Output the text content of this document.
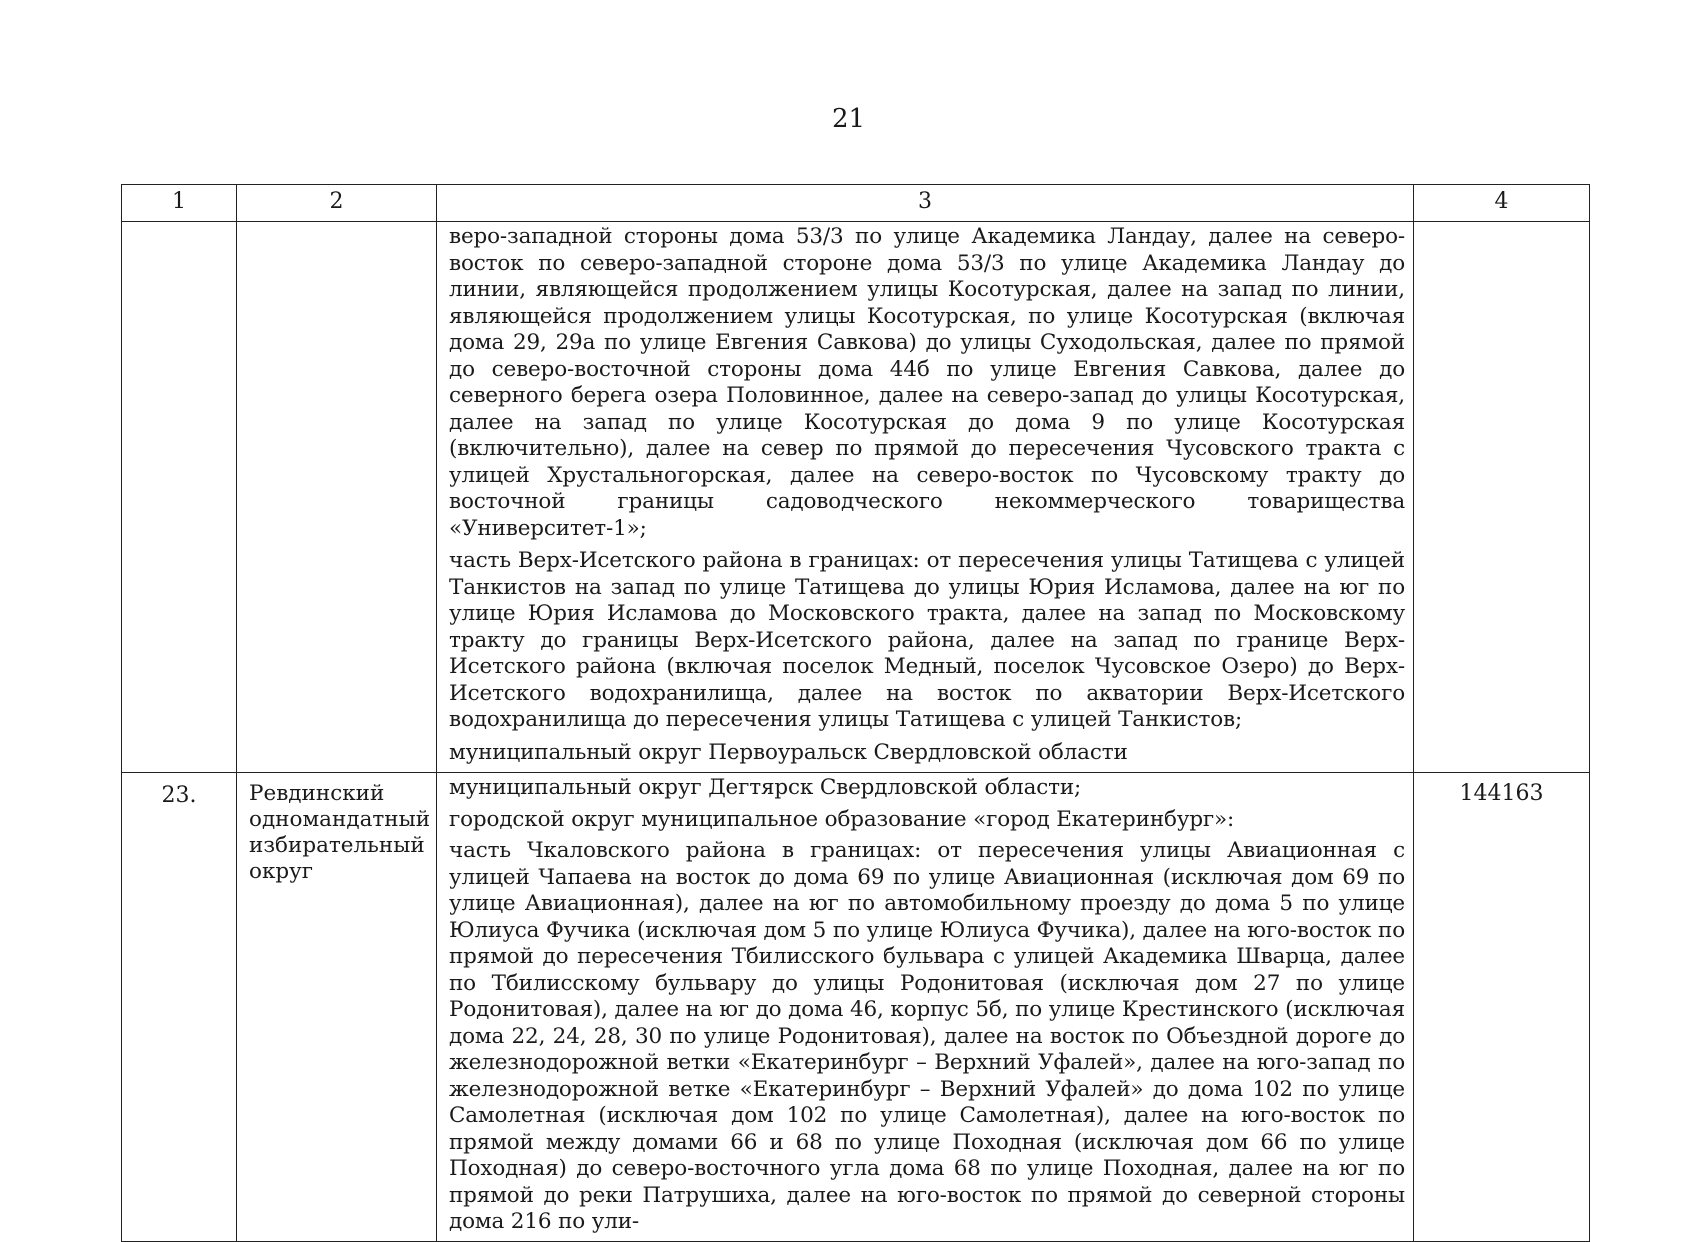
21
1	2	3	4

		веро-западной стороны дома 53/3 по улице Академика Ландау, далее на северо-восток по северо-западной стороне дома 53/3 по улице Академика Ландау до линии, являющейся продолжением улицы Косотурская, далее на запад по линии, являющейся продолжением улицы Косотурская, по улице Косотурская (включая дома 29, 29а по улице Евгения Савкова) до улицы Суходольская, далее по прямой до северо-восточной стороны дома 44б по улице Евгения Савкова, далее до северного берега озера Половинное, далее на северо-запад до улицы Косотурская, далее на запад по улице Косотурская до дома 9 по улице Косотурская (включительно), далее на север по прямой до пересечения Чусовского тракта с улицей Хрустальногорская, далее на северо-восток по Чусовскому тракту до восточной границы садоводческого некоммерческого товарищества «Университет-1»;

часть Верх-Исетского района в границах: от пересечения улицы Татищева с улицей Танкистов на запад по улице Татищева до улицы Юрия Исламова, далее на юг по улице Юрия Исламова до Московского тракта, далее на запад по Московскому тракту до границы Верх-Исетского района, далее на запад по границе Верх-Исетского района (включая поселок Медный, поселок Чусовское Озеро) до Верх-Исетского водохранилища, далее на восток по акватории Верх-Исетского водохранилища до пересечения улицы Татищева с улицей Танкистов;

муниципальный округ Первоуральск Свердловской области	

23.	Ревдинский одномандатный избирательный округ	муниципальный округ Дегтярск Свердловской области;

городской округ муниципальное образование «город Екатеринбург»:

часть Чкаловского района в границах: от пересечения улицы Авиационная с улицей Чапаева на восток до дома 69 по улице Авиационная (исключая дом 69 по улице Авиационная), далее на юг по автомобильному проезду до дома 5 по улице Юлиуса Фучика (исключая дом 5 по улице Юлиуса Фучика), далее на юго-восток по прямой до пересечения Тбилисского бульвара с улицей Академика Шварца, далее по Тбилисскому бульвару до улицы Родонитовая (исключая дом 27 по улице Родонитовая), далее на юг до дома 46, корпус 5б, по улице Крестинского (исключая дома 22, 24, 28, 30 по улице Родонитовая), далее на восток по Объездной дороге до железнодорожной ветки «Екатеринбург – Верхний Уфалей», далее на юго-запад по железнодорожной ветке «Екатеринбург – Верхний Уфалей» до дома 102 по улице Самолетная (исключая дом 102 по улице Самолетная), далее на юго-восток по прямой между домами 66 и 68 по улице Походная (исключая дом 66 по улице Походная) до северо-восточного угла дома 68 по улице Походная, далее на юг по прямой до реки Патрушиха, далее на юго-восток по прямой до северной стороны дома 216 по ули-	144163
